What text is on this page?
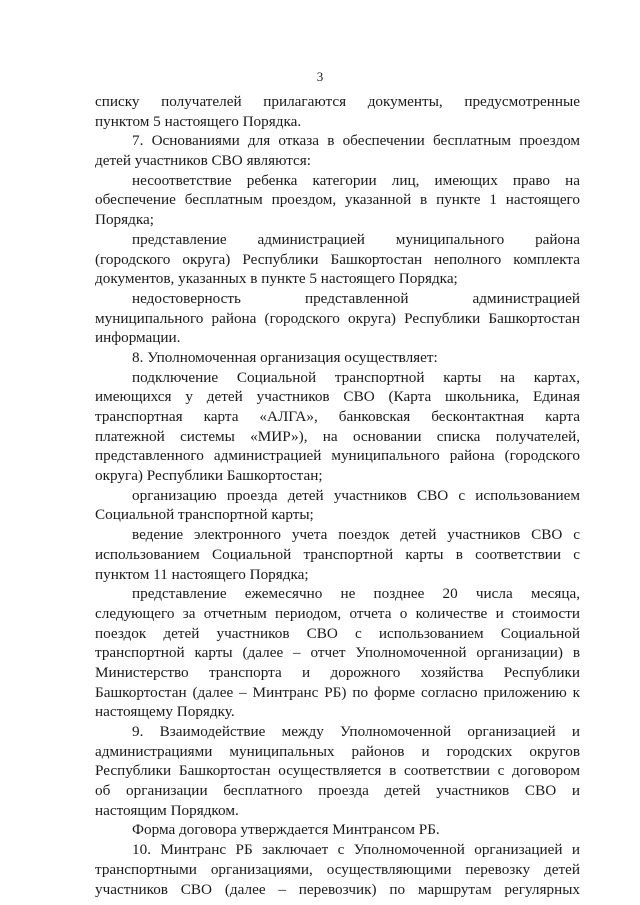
3
списку получателей прилагаются документы, предусмотренные
пунктом 5 настоящего Порядка.
7. Основаниями для отказа в обеспечении бесплатным проездом
детей участников СВО являются:
несоответствие ребенка категории лиц, имеющих право на
обеспечение бесплатным проездом, указанной в пункте 1 настоящего
Порядка;
представление администрацией муниципального района
(городского округа) Республики Башкортостан неполного комплекта
документов, указанных в пункте 5 настоящего Порядка;
недостоверность представленной администрацией
муниципального района (городского округа) Республики Башкортостан
информации.
8. Уполномоченная организация осуществляет:
подключение Социальной транспортной карты на картах,
имеющихся у детей участников СВО (Карта школьника, Единая
транспортная карта «АЛГА», банковская бесконтактная карта
платежной системы «МИР»), на основании списка получателей,
представленного администрацией муниципального района (городского
округа) Республики Башкортостан;
организацию проезда детей участников СВО с использованием
Социальной транспортной карты;
ведение электронного учета поездок детей участников СВО с
использованием Социальной транспортной карты в соответствии с
пунктом 11 настоящего Порядка;
представление ежемесячно не позднее 20 числа месяца,
следующего за отчетным периодом, отчета о количестве и стоимости
поездок детей участников СВО с использованием Социальной
транспортной карты (далее – отчет Уполномоченной организации) в
Министерство транспорта и дорожного хозяйства Республики
Башкортостан (далее – Минтранс РБ) по форме согласно приложению к
настоящему Порядку.
9. Взаимодействие между Уполномоченной организацией и
администрациями муниципальных районов и городских округов
Республики Башкортостан осуществляется в соответствии с договором
об организации бесплатного проезда детей участников СВО и
настоящим Порядком.
Форма договора утверждается Минтрансом РБ.
10. Минтранс РБ заключает с Уполномоченной организацией и
транспортными организациями, осуществляющими перевозку детей
участников СВО (далее – перевозчик) по маршрутам регулярных
